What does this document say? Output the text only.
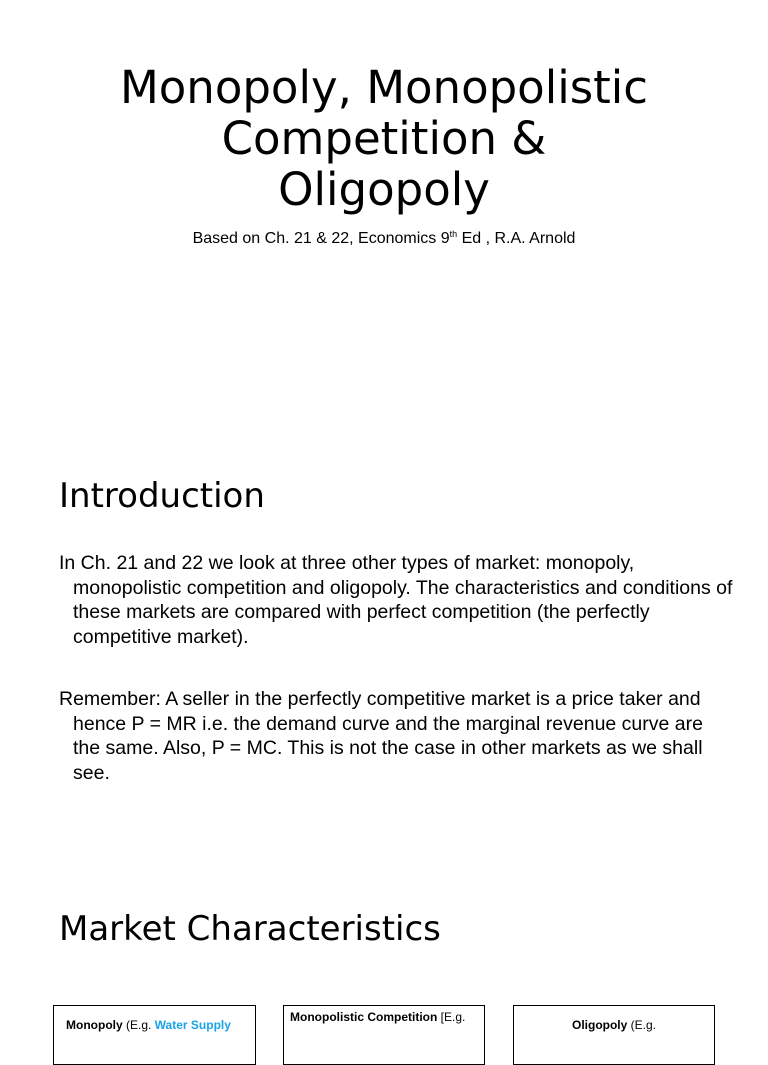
Monopoly, Monopolistic
Competition &
Oligopoly
Based on Ch. 21 & 22, Economics 9th Ed , R.A. Arnold
Introduction

In Ch. 21 and 22 we look at three other types of market: monopoly, monopolistic competition and oligopoly. The characteristics and conditions of these markets are compared with perfect competition (the perfectly competitive market).

Remember: A seller in the perfectly competitive market is a price taker and hence P = MR i.e. the demand curve and the marginal revenue curve are the same. Also, P = MC. This is not the case in other markets as we shall see.

Market Characteristics
Monopoly (E.g. Water Supply
Monopolistic Competition [E.g.
Oligopoly (E.g.
